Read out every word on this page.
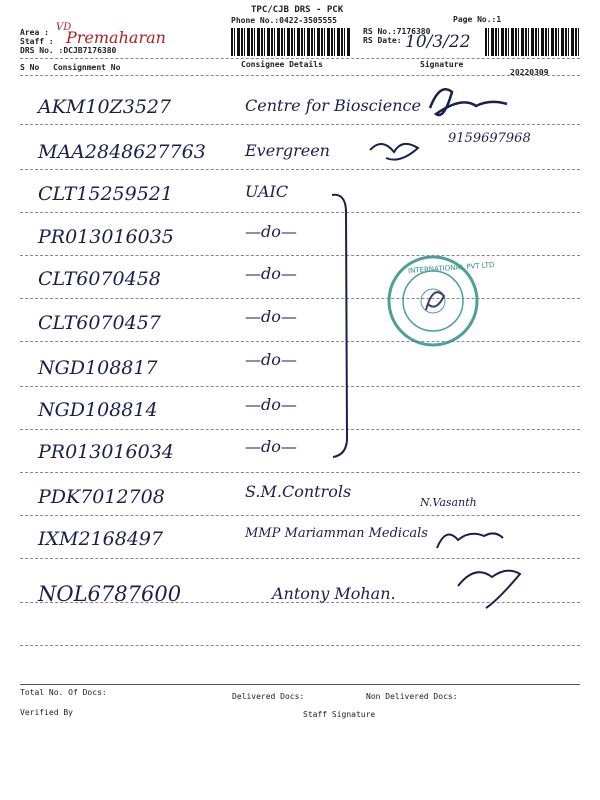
TPC/CJB DRS - PCK
Phone No.:0422-3505555	Page No.:1
Area : VD
Staff : Premaharan
DRS No. :DCJB7176380
RS No.:7176380
RS Date: 10/3/22
S No Consignment No	Consignee Details	Signature
20220309
AKM10Z3527	Centre for Bioscience
MAA2848627763 Evergreen
9159697968
CLT15259521	UAIC
PR013016035	—do—
CLT6070458	—do—
CLT6070457	—do—
NGD108817	—do—
NGD108814	—do—
PR013016034	—do—
PDK7012708	S.M.Controls
IXM2168497	MMP Mariamman Medicals
N.Vasanth
NOL6787600	Antony Mohan.
INTERNATIONAL PVT LTD
Total No. Of Docs:	Delivered Docs:	Non Delivered Docs:
Verified By	Staff Signature
